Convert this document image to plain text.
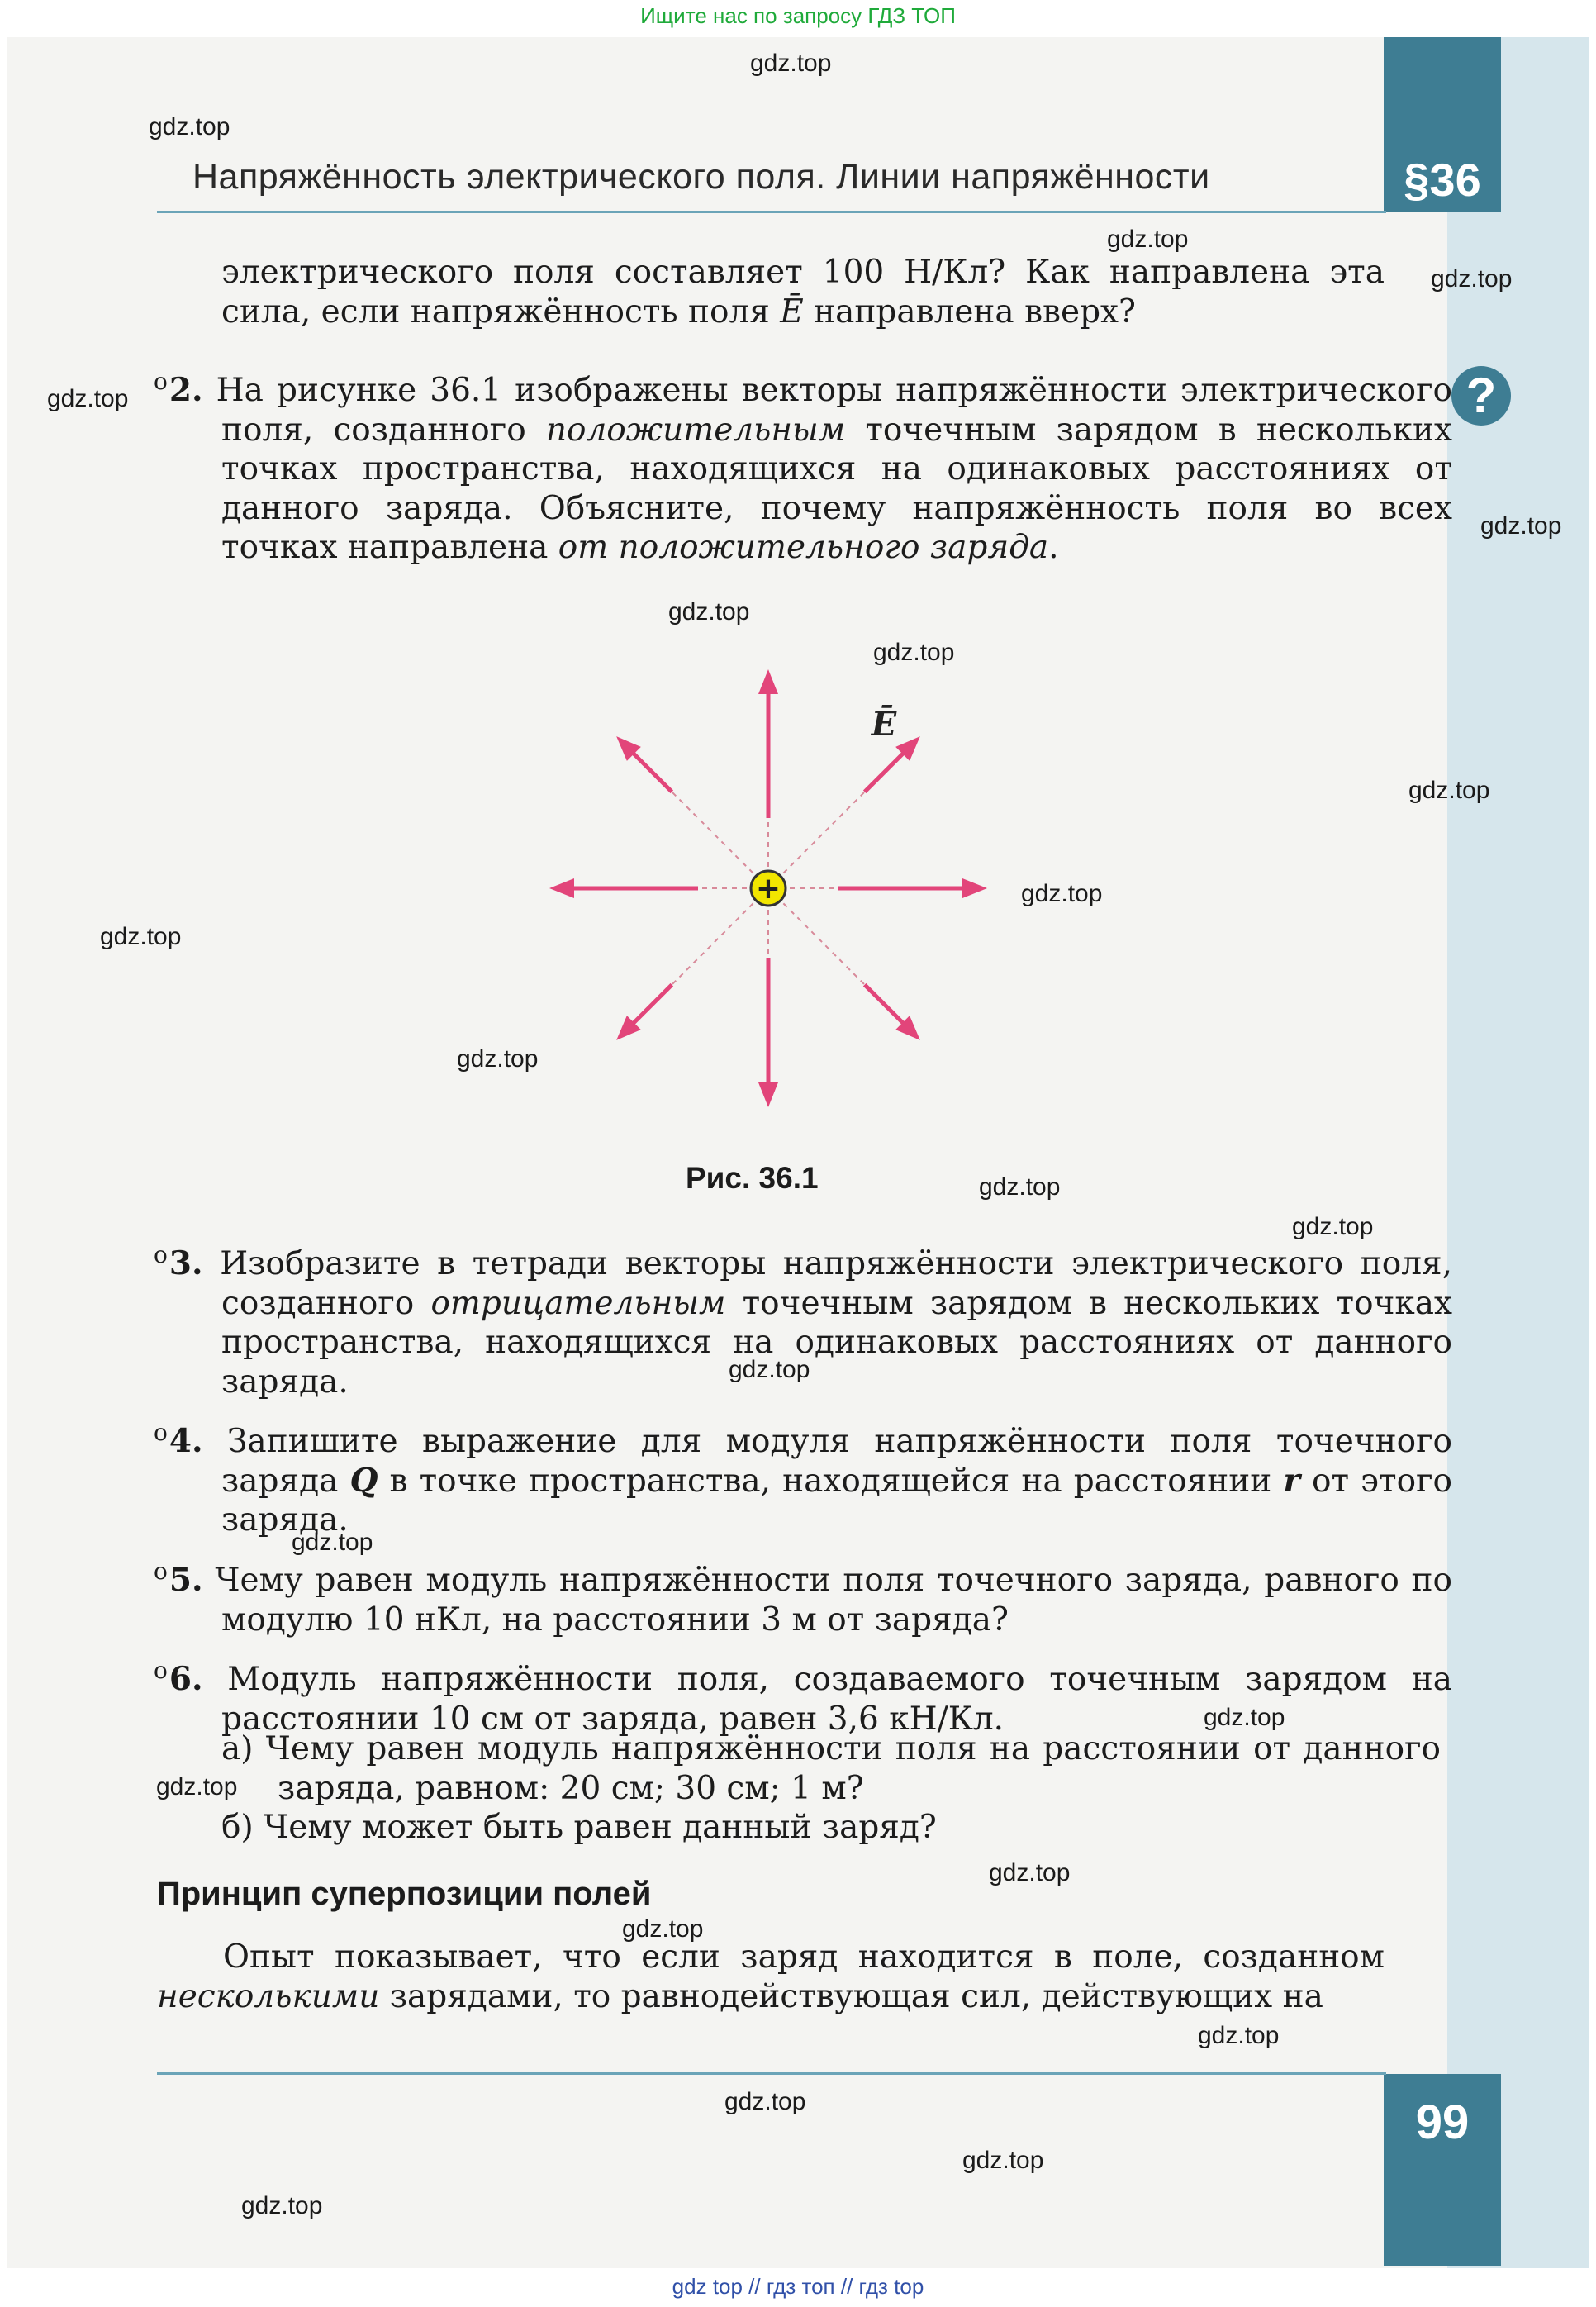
Ищите нас по запросу ГДЗ ТОП
gdz top // гдз топ // гдз top
Напряжённость электрического поля. Линии напряжённости	§36
?
электрического поля составляет 100 Н/Кл? Как направлена эта сила, если напряжённость поля Ē направлена вверх?
$^о$2. На рисунке 36.1 изображены векторы напряжённости электрического поля, созданного положительным точечным зарядом в нескольких точках пространства, находящихся на одинаковых расстояниях от данного заряда. Объясните, почему напряжённость поля во всех точках направлена от положительного заряда.
+
Ē
Рис. 36.1
$^о$3. Изобразите в тетради векторы напряжённости электрического поля, созданного отрицательным точечным зарядом в нескольких точках пространства, находящихся на одинаковых расстояниях от данного заряда.
$^о$4. Запишите выражение для модуля напряжённости поля точечного заряда Q в точке пространства, находящейся на расстоянии r от этого заряда.
$^о$5. Чему равен модуль напряжённости поля точечного заряда, равного по модулю 10 нКл, на расстоянии 3 м от заряда?
$^о$6. Модуль напряжённости поля, создаваемого точечным зарядом на расстоянии 10 см от заряда, равен 3,6 кН/Кл.
а) Чему равен модуль напряжённости поля на расстоянии от данного заряда, равном: 20 см; 30 см; 1 м?
б) Чему может быть равен данный заряд?
Принцип суперпозиции полей
Опыт показывает, что если заряд находится в поле, созданном несколькими зарядами, то равнодействующая сил, действующих на
99
gdz.top
gdz.top
gdz.top
gdz.top
gdz.top
gdz.top
gdz.top
gdz.top
gdz.top
gdz.top
gdz.top
gdz.top
gdz.top
gdz.top
gdz.top
gdz.top
gdz.top
gdz.top
gdz.top
gdz.top
gdz.top
gdz.top
gdz.top
gdz.top
